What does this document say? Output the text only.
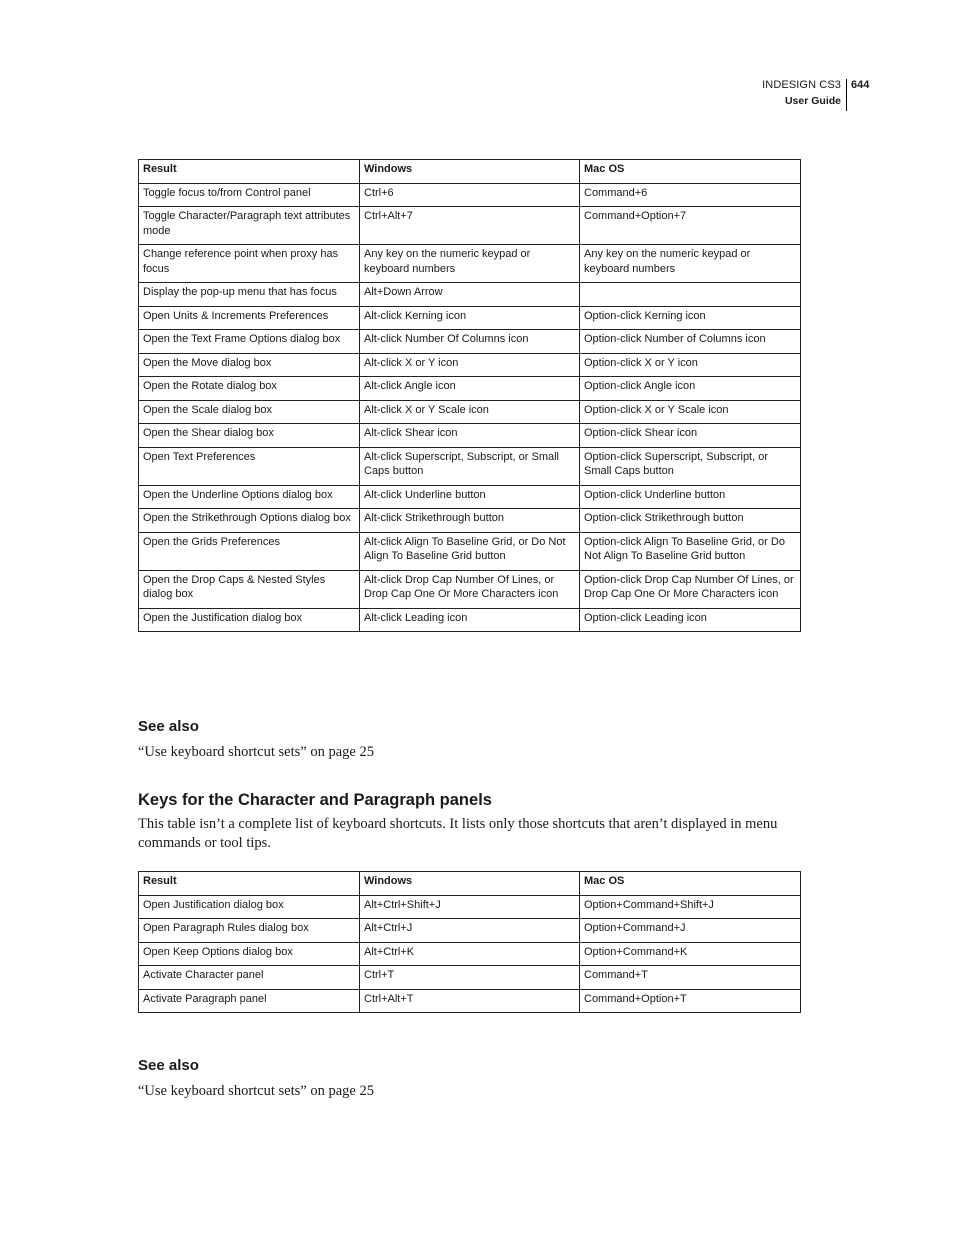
INDESIGN CS3
User Guide
644
Result	Windows	Mac OS
Toggle focus to/from Control panel	Ctrl+6	Command+6
Toggle Character/Paragraph text attributes mode	Ctrl+Alt+7	Command+Option+7
Change reference point when proxy has focus	Any key on the numeric keypad or keyboard numbers	Any key on the numeric keypad or keyboard numbers
Display the pop-up menu that has focus	Alt+Down Arrow	
Open Units & Increments Preferences	Alt-click Kerning icon	Option-click Kerning icon
Open the Text Frame Options dialog box	Alt-click Number Of Columns icon	Option-click Number of Columns icon
Open the Move dialog box	Alt-click X or Y icon	Option-click X or Y icon
Open the Rotate dialog box	Alt-click Angle icon	Option-click Angle icon
Open the Scale dialog box	Alt-click X or Y Scale icon	Option-click X or Y Scale icon
Open the Shear dialog box	Alt-click Shear icon	Option-click Shear icon
Open Text Preferences	Alt-click Superscript, Subscript, or Small Caps button	Option-click Superscript, Subscript, or Small Caps button
Open the Underline Options dialog box	Alt-click Underline button	Option-click Underline button
Open the Strikethrough Options dialog box	Alt-click Strikethrough button	Option-click Strikethrough button
Open the Grids Preferences	Alt-click Align To Baseline Grid, or Do Not Align To Baseline Grid button	Option-click Align To Baseline Grid, or Do Not Align To Baseline Grid button
Open the Drop Caps & Nested Styles dialog box	Alt-click Drop Cap Number Of Lines, or Drop Cap One Or More Characters icon	Option-click Drop Cap Number Of Lines, or Drop Cap One Or More Characters icon
Open the Justification dialog box	Alt-click Leading icon	Option-click Leading icon
See also
“Use keyboard shortcut sets” on page 25
Keys for the Character and Paragraph panels

This table isn’t a complete list of keyboard shortcuts. It lists only those shortcuts that aren’t displayed in menu commands or tool tips.

Result	Windows	Mac OS
Open Justification dialog box	Alt+Ctrl+Shift+J	Option+Command+Shift+J
Open Paragraph Rules dialog box	Alt+Ctrl+J	Option+Command+J
Open Keep Options dialog box	Alt+Ctrl+K	Option+Command+K
Activate Character panel	Ctrl+T	Command+T
Activate Paragraph panel	Ctrl+Alt+T	Command+Option+T
See also
“Use keyboard shortcut sets” on page 25
